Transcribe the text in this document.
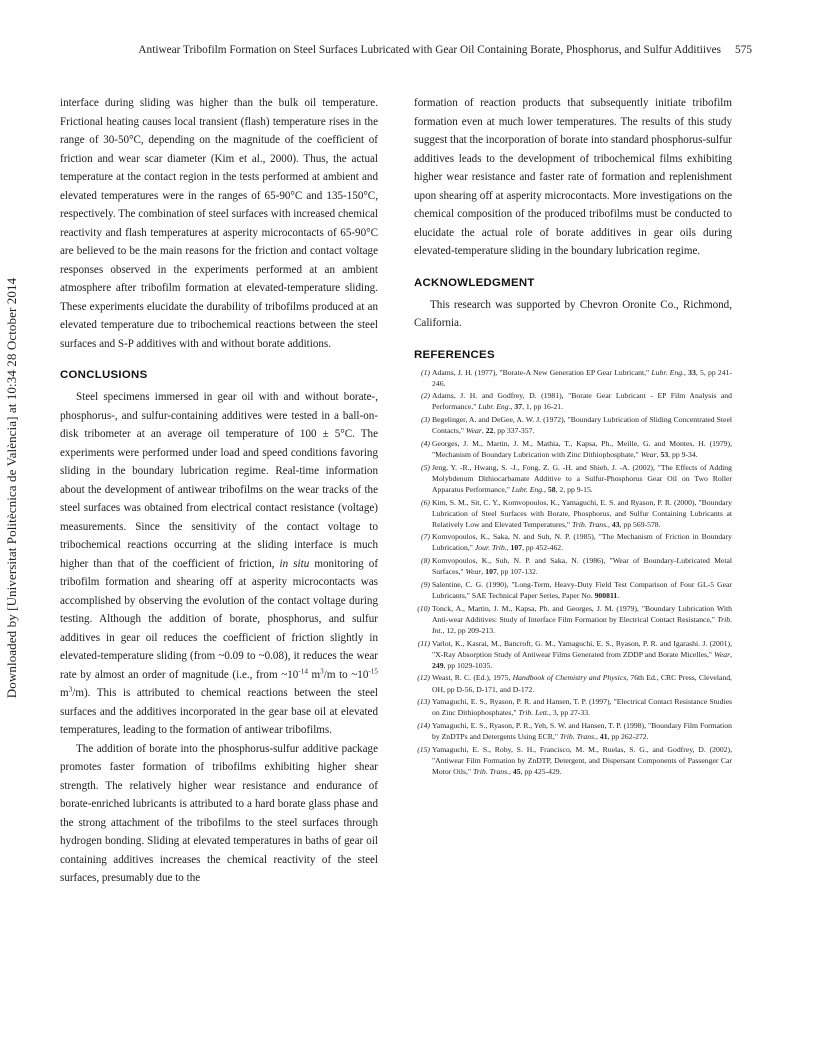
Downloaded by [Universitat Politècnica de València] at 10:34 28 October 2014
Antiwear Tribofilm Formation on Steel Surfaces Lubricated with Gear Oil Containing Borate, Phosphorus, and Sulfur Additiives 575

interface during sliding was higher than the bulk oil temperature. Frictional heating causes local transient (flash) temperature rises in the range of 30-50°C, depending on the magnitude of the coefficient of friction and wear scar diameter (Kim et al., 2000). Thus, the actual temperature at the contact region in the tests performed at ambient and elevated temperatures were in the ranges of 65-90°C and 135-150°C, respectively. The combination of steel surfaces with increased chemical reactivity and flash temperatures at asperity microcontacts of 65-90°C are believed to be the main reasons for the friction and contact voltage responses observed in the experiments performed at an ambient atmosphere after tribofilm formation at elevated-temperature sliding. These experiments elucidate the durability of tribofilms produced at an elevated temperature due to tribochemical reactions between the steel surfaces and S-P additives with and without borate additions.

CONCLUSIONS

Steel specimens immersed in gear oil with and without borate-, phosphorus-, and sulfur-containing additives were tested in a ball-on-disk tribometer at an average oil temperature of 100 ± 5°C. The experiments were performed under load and speed conditions favoring sliding in the boundary lubrication regime. Real-time information about the development of antiwear tribofilms on the wear tracks of the steel surfaces was obtained from electrical contact resistance (voltage) measurements. Since the sensitivity of the contact voltage to tribochemical reactions occurring at the sliding interface is much higher than that of the coefficient of friction, in situ monitoring of tribofilm formation and shearing off at asperity microcontacts was accomplished by observing the evolution of the contact voltage during testing. Although the addition of borate, phosphorus, and sulfur additives in gear oil reduces the coefficient of friction slightly in elevated-temperature sliding (from ~0.09 to ~0.08), it reduces the wear rate by almost an order of magnitude (i.e., from $\sim 10^{-14}$ $m^3/m$ to $\sim 10^{-15}$ $m^3/m$). This is attributed to chemical reactions between the steel surfaces and the additives incorporated in the gear base oil at elevated temperatures, leading to the formation of antiwear tribofilms.

The addition of borate into the phosphorus-sulfur additive package promotes faster formation of tribofilms exhibiting higher shear strength. The relatively higher wear resistance and endurance of borate-enriched lubricants is attributed to a hard borate glass phase and the strong attachment of the tribofilms to the steel surfaces through hydrogen bonding. Sliding at elevated temperatures in baths of gear oil containing additives increases the chemical reactivity of the steel surfaces, presumably due to the

formation of reaction products that subsequently initiate tribofilm formation even at much lower temperatures. The results of this study suggest that the incorporation of borate into standard phosphorus-sulfur additives leads to the development of tribochemical films exhibiting higher wear resistance and faster rate of formation and replenishment upon shearing off at asperity microcontacts. More investigations on the chemical composition of the produced tribofilms must be conducted to elucidate the actual role of borate additives in gear oils during elevated-temperature sliding in the boundary lubrication regime.

ACKNOWLEDGMENT

This research was supported by Chevron Oronite Co., Richmond, California.

REFERENCES
(1) Adams, J. H. (1977), "Borate-A New Generation EP Gear Lubricant," Lubr. Eng., 33, 5, pp 241-246.
(2) Adams, J. H. and Godfrey, D. (1981), "Borate Gear Lubricant - EP Film Analysis and Performance," Lubr. Eng., 37, 1, pp 16-21.
(3) Begelinger, A. and DeGee, A. W. J. (1972), "Boundary Lubrication of Sliding Concentrated Steel Contacts," Wear, 22, pp 337-357.
(4) Georges, J. M., Martin, J. M., Mathia, T., Kapsa, Ph., Meille, G. and Montes, H. (1979), "Mechanism of Boundary Lubrication with Zinc Dithiophosphate," Wear, 53, pp 9-34.
(5) Jeng, Y. -R., Hwang, S. -J., Fong, Z. G. -H. and Shieh, J. -A. (2002), "The Effects of Adding Molybdenum Dithiocarbamate Additive to a Sulfur-Phosphorus Gear Oil on Two Roller Apparatus Performance," Lubr. Eng., 58, 2, pp 9-15.
(6) Kim, S. M., Sit, C. Y., Komvopoulos, K., Yamaguchi, E. S. and Ryason, P. R. (2000), "Boundary Lubrication of Steel Surfaces with Borate, Phosphorus, and Sulfur Containing Lubricants at Relatively Low and Elevated Temperatures," Trib. Trans., 43, pp 569-578.
(7) Komvopoulos, K., Saka, N. and Suh, N. P. (1985), "The Mechanism of Friction in Boundary Lubrication," Jour. Trib., 107, pp 452-462.
(8) Komvopoulos, K., Suh, N. P. and Saka, N. (1986), "Wear of Boundary-Lubricated Metal Surfaces," Wear, 107, pp 107-132.
(9) Salentine, C. G. (1990), "Long-Term, Heavy-Duty Field Test Comparison of Four GL-5 Gear Lubricants," SAE Technical Paper Series, Paper No. 900811.
(10) Tonck, A., Martin, J. M., Kapsa, Ph. and Georges, J. M. (1979), "Boundary Lubrication With Anti-wear Additives: Study of Interface Film Formation by Electrical Contact Resistance," Trib. Int., 12, pp 209-213.
(11) Varlot, K., Kasrai, M., Bancroft, G. M., Yamaguchi, E. S., Ryason, P. R. and Igarashi. J. (2001), "X-Ray Absorption Study of Antiwear Films Generated from ZDDP and Borate Micelles," Wear, 249, pp 1029-1035.
(12) Weast, R. C. (Ed.), 1975, Handbook of Chemistry and Physics, 76th Ed., CRC Press, Cleveland, OH, pp D-56, D-171, and D-172.
(13) Yamaguchi, E. S., Ryason, P. R. and Hansen, T. P. (1997), "Electrical Contact Resistance Studies on Zinc Dithiophosphates," Trib. Lett., 3, pp 27-33.
(14) Yamaguchi, E. S., Ryason, P. R., Yeh, S. W. and Hansen, T. P. (1998), "Boundary Film Formation by ZnDTPs and Detergents Using ECR," Trib. Trans., 41, pp 262-272.
(15) Yamaguchi, E. S., Roby, S. H., Francisco, M. M., Ruelas, S. G., and Godfrey, D. (2002), "Antiwear Film Formation by ZnDTP, Detergent, and Dispersant Components of Passenger Car Motor Oils," Trib. Trans., 45, pp 425-429.
